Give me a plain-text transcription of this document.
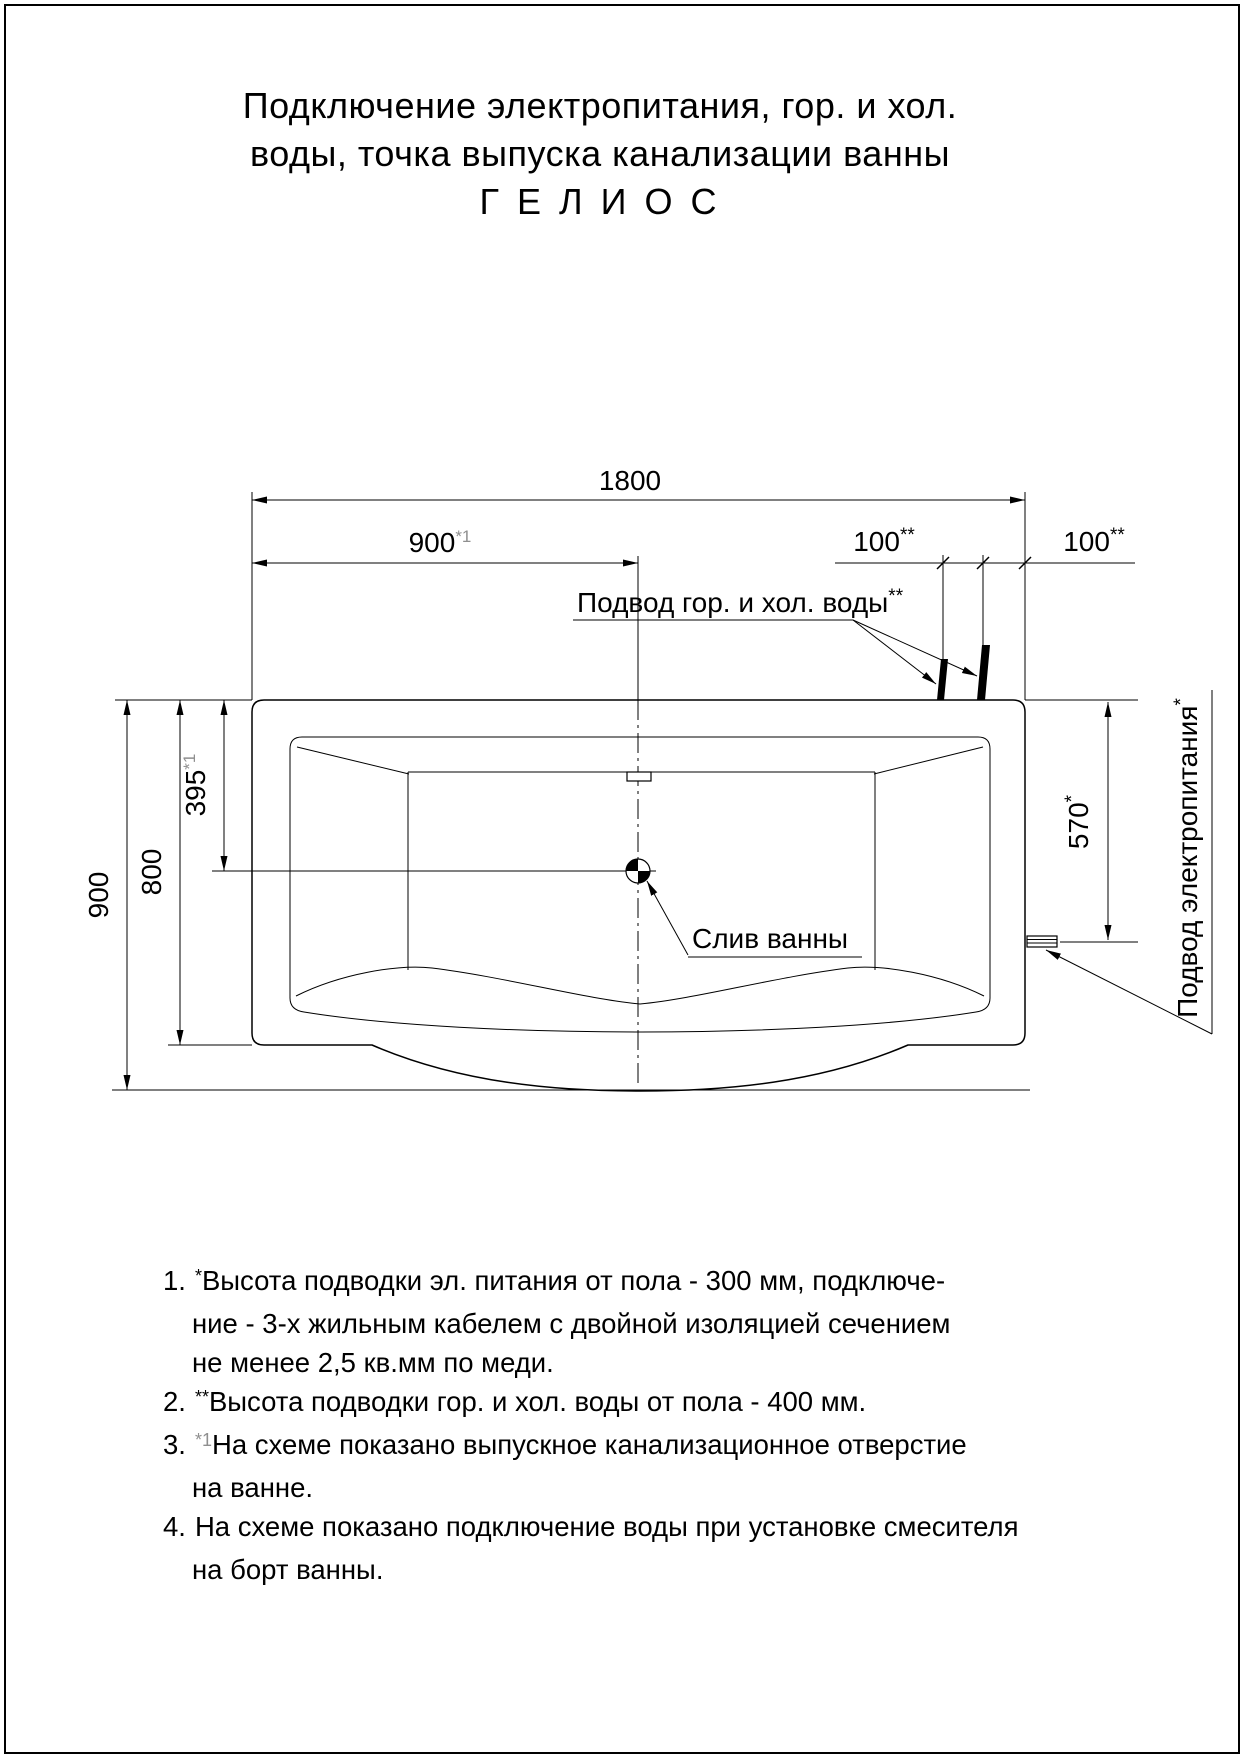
Подключение электропитания, гор. и хол.
воды, точка выпуска канализации ванны
Г Е Л И О С
1800
900$^{*1}$	100**	100**
900 800
395$^{*1}$
570*
Подвод гор. и хол. воды**
Слив ванны	Подвод электропитания*
1. *Высота подводки эл. питания от пола - 300 мм, подключе-
ние - 3-х жильным кабелем с двойной изоляцией сечением
не менее 2,5 кв.мм по меди.
2. **Высота подводки гор. и хол. воды от пола - 400 мм.
3. $^{*1}$На схеме показано выпускное канализационное отверстие
на ванне.
4. На схеме показано подключение воды при установке смесителя
на борт ванны.
